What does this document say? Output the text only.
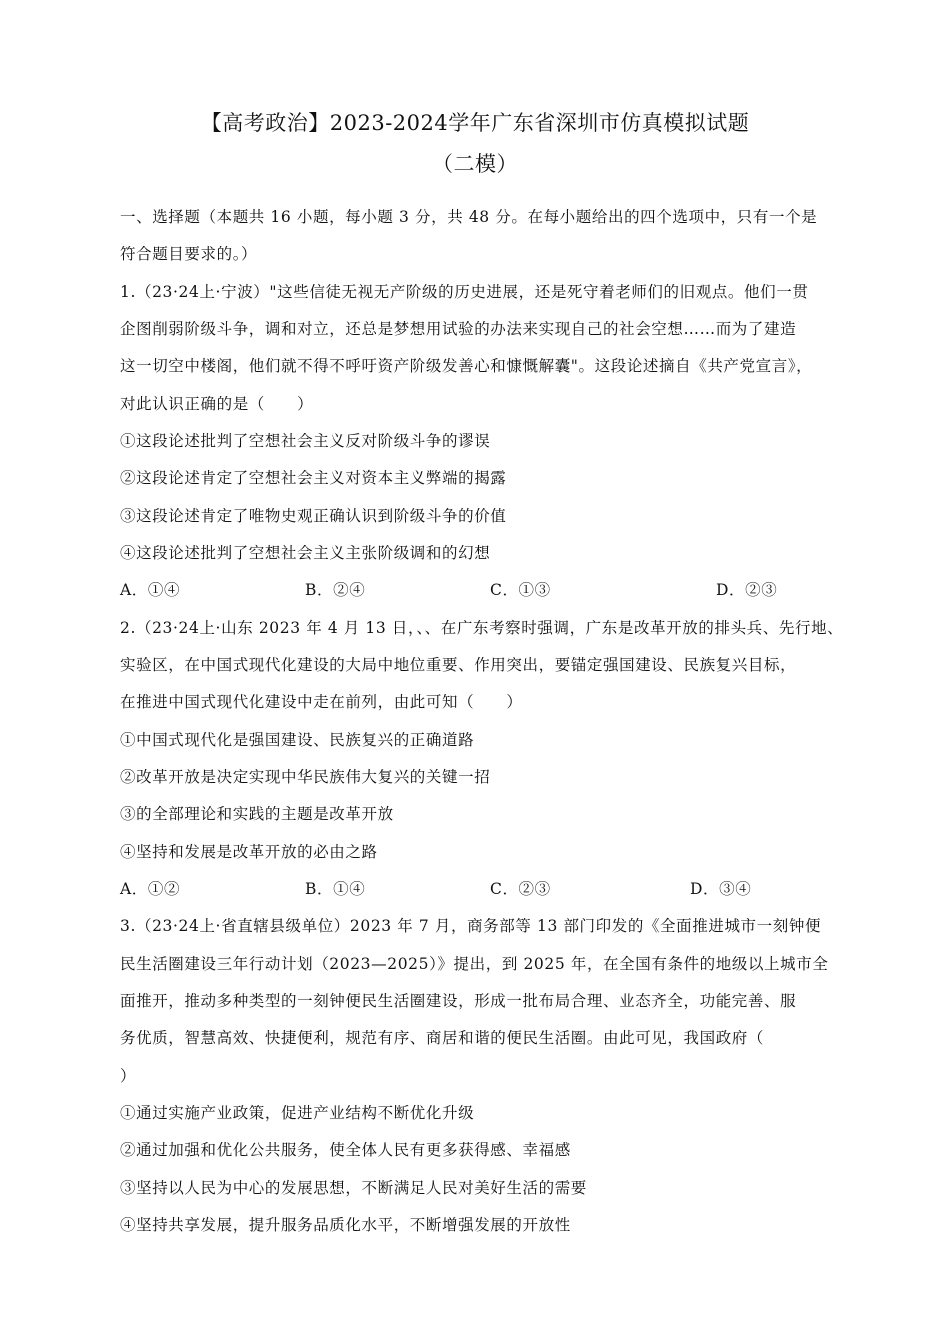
【高考政治】2023-2024学年广东省深圳市仿真模拟试题
（二模）
一、选择题（本题共 16 小题，每小题 3 分，共 48 分。在每小题给出的四个选项中，只有一个是
符合题目要求的。）
1.（23·24上·宁波）"这些信徒无视无产阶级的历史进展，还是死守着老师们的旧观点。他们一贯
企图削弱阶级斗争，调和对立，还总是梦想用试验的办法来实现自己的社会空想……而为了建造
这一切空中楼阁，他们就不得不呼吁资产阶级发善心和慷慨解囊"。这段论述摘自《共产党宣言》，
对此认识正确的是（　　）
①这段论述批判了空想社会主义反对阶级斗争的谬误
②这段论述肯定了空想社会主义对资本主义弊端的揭露
③这段论述肯定了唯物史观正确认识到阶级斗争的价值
④这段论述批判了空想社会主义主张阶级调和的幻想
A．①④	B．②④	C．①③	D．②③
2.（23·24上·山东 2023 年 4 月 13 日，、、在广东考察时强调，广东是改革开放的排头兵、先行地、
实验区，在中国式现代化建设的大局中地位重要、作用突出，要锚定强国建设、民族复兴目标，
在推进中国式现代化建设中走在前列，由此可知（　　）
①中国式现代化是强国建设、民族复兴的正确道路
②改革开放是决定实现中华民族伟大复兴的关键一招
③的全部理论和实践的主题是改革开放
④坚持和发展是改革开放的必由之路
A．①②	B．①④	C．②③	D．③④
3.（23·24上·省直辖县级单位）2023 年 7 月，商务部等 13 部门印发的《全面推进城市一刻钟便
民生活圈建设三年行动计划（2023—2025）》提出，到 2025 年，在全国有条件的地级以上城市全
面推开，推动多种类型的一刻钟便民生活圈建设，形成一批布局合理、业态齐全，功能完善、服
务优质，智慧高效、快捷便利，规范有序、商居和谐的便民生活圈。由此可见，我国政府（
）
①通过实施产业政策，促进产业结构不断优化升级
②通过加强和优化公共服务，使全体人民有更多获得感、幸福感
③坚持以人民为中心的发展思想，不断满足人民对美好生活的需要
④坚持共享发展，提升服务品质化水平，不断增强发展的开放性
